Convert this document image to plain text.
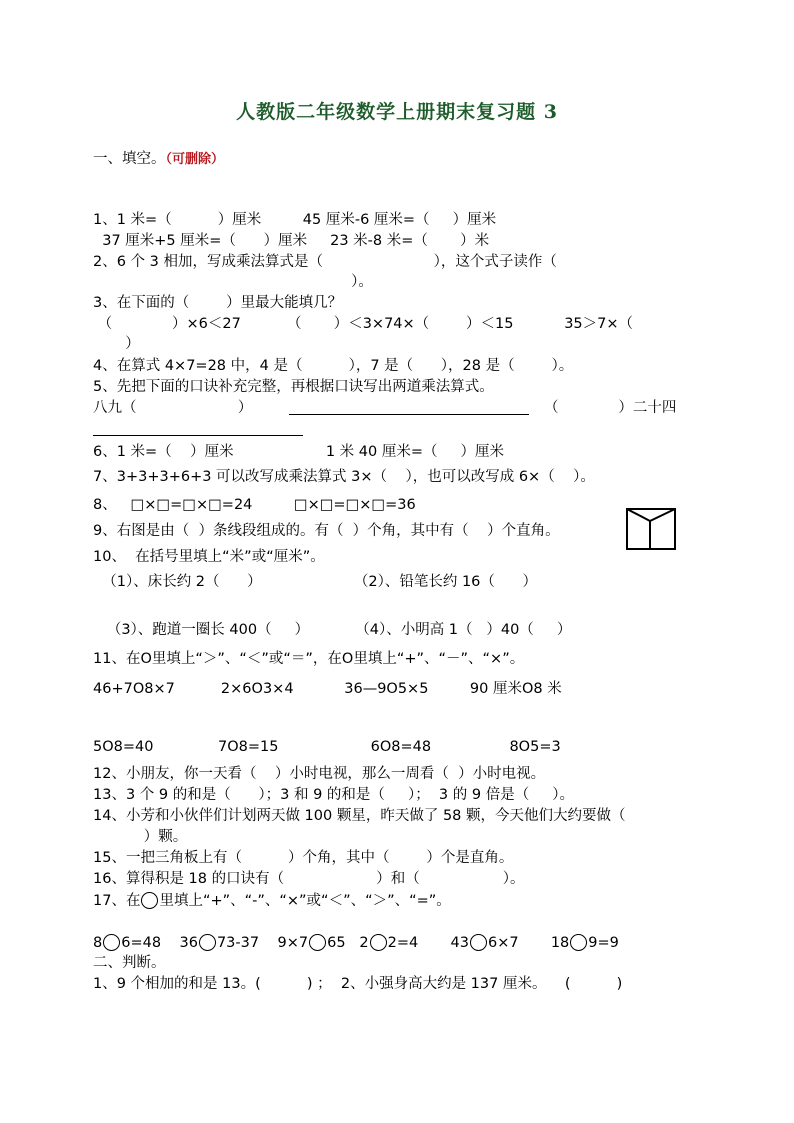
人教版二年级数学上册期末复习题 3
一、填空。（可删除）
1、1 米=（          ）厘米         45 厘米-6 厘米=（     ）厘米
37 厘米+5 厘米=（      ）厘米     23 米-8 米=（       ）米
2、6 个 3 相加，写成乘法算式是（                        ），这个式子读作（
）。
3、在下面的（        ）里最大能填几？
（             ）×6＜27          （       ）＜3×74×（        ）＜15           35＞7×（
）
4、在算式 4×7=28 中，4 是（          ），7 是（      ），28 是（        ）。
5、先把下面的口诀补充完整，再根据口诀写出两道乘法算式。
八九（                      ）	（             ）二十四
6、1 米=（    ）厘米                    1 米 40 厘米=（     ）厘米
7、3+3+3+6+3 可以改写成乘法算式 3×（    ），也可以改写成 6×（    ）。
8、   □×□=□×□=24         □×□=□×□=36
9、右图是由（  ）条线段组成的。有（  ）个角，其中有（    ）个直角。
10、  在括号里填上“米”或“厘米”。
（1）、床长约 2（      ）                    （2）、铅笔长约 16（      ）
（3）、跑道一圈长 400（     ）          （4）、小明高 1（   ）40（     ）
11、在O里填上“＞”、“＜”或“＝”，在O里填上“+”、“－”、“×”。
46+7O8×7          2×6O3×4           36—9O5×5         90 厘米O8 米
5O8=40              7O8=15                    6O8=48                 8O5=3
12、小朋友，你一天看（    ）小时电视，那么一周看（  ）小时电视。
13、3 个 9 的和是（      ）；3 和 9 的和是（     ）；  3 的 9 倍是（     ）。
14、小芳和小伙伴们计划两天做 100 颗星，昨天做了 58 颗，今天他们大约要做（
）颗。
15、一把三角板上有（          ）个角，其中（        ）个是直角。
16、算得积是 18 的口诀有（                    ）和（                  ）。
17、在 里填上“+”、“-”、“×”或“＜”、“＞”、“=”。
8 6=48    36 73-37    9×7 65   2 2=4       43 6×7       18 9=9
二、判断。
1、9 个相加的和是 13。(          ) ；  2、小强身高大约是 137 厘米。    (          )
